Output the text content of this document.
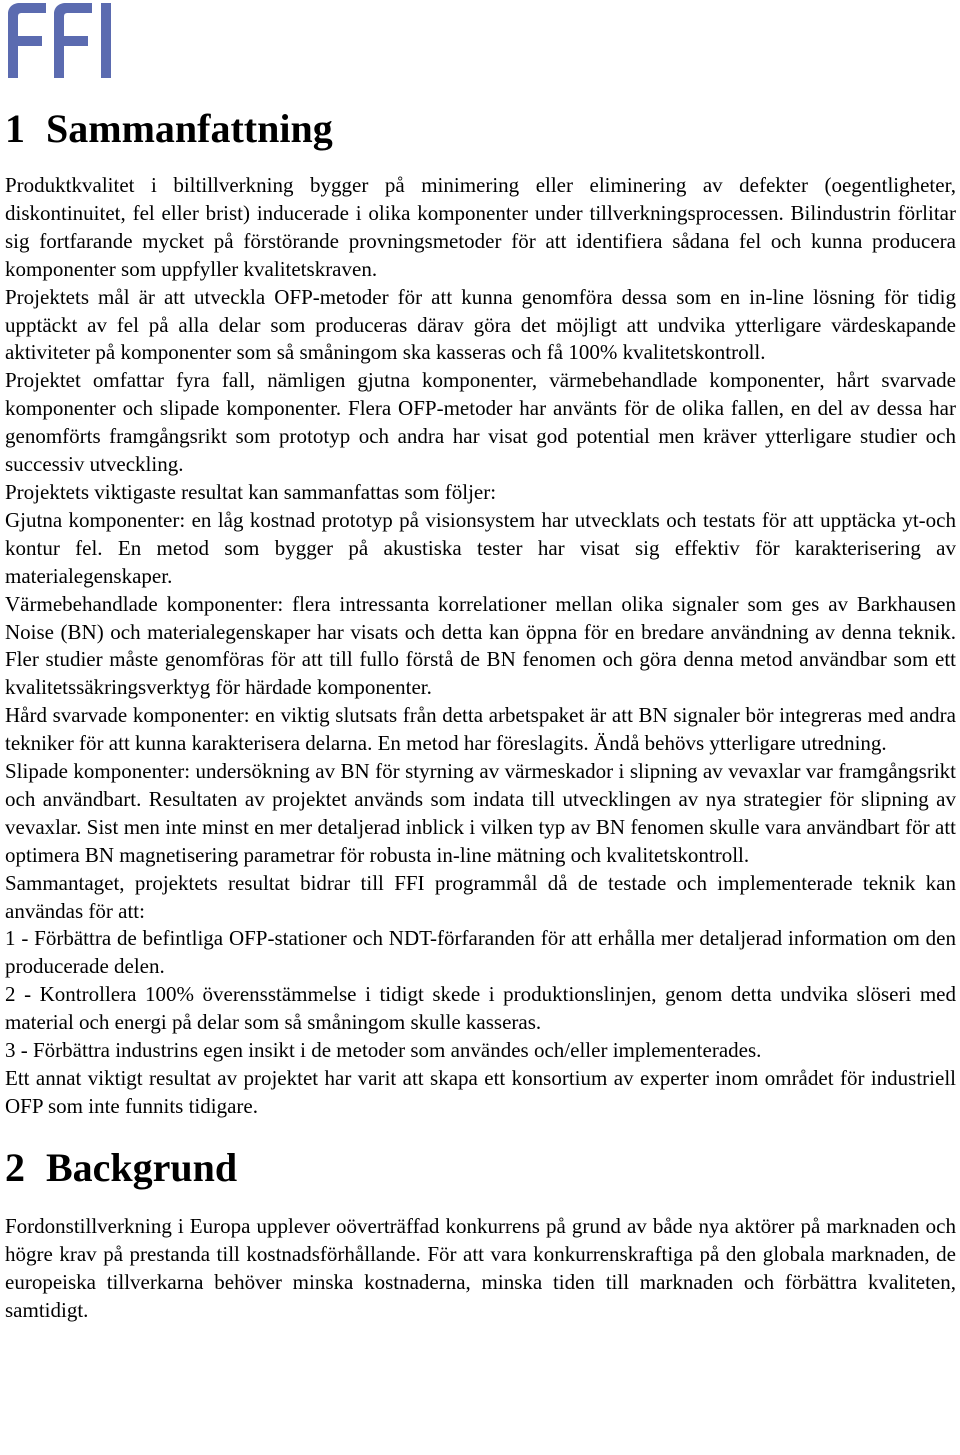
1 Sammanfattning

Produktkvalitet i biltillverkning bygger på minimering eller eliminering av defekter (oegentligheter, diskontinuitet, fel eller brist) inducerade i olika komponenter under tillverkningsprocessen. Bilindustrin förlitar sig fortfarande mycket på förstörande provningsmetoder för att identifiera sådana fel och kunna producera komponenter som uppfyller kvalitetskraven.

Projektets mål är att utveckla OFP-metoder för att kunna genomföra dessa som en in-line lösning för tidig upptäckt av fel på alla delar som produceras därav göra det möjligt att undvika ytterligare värdeskapande aktiviteter på komponenter som så småningom ska kasseras och få 100% kvalitetskontroll.

Projektet omfattar fyra fall, nämligen gjutna komponenter, värmebehandlade komponenter, hårt svarvade komponenter och slipade komponenter. Flera OFP-metoder har använts för de olika fallen, en del av dessa har genomförts framgångsrikt som prototyp och andra har visat god potential men kräver ytterligare studier och successiv utveckling.

Projektets viktigaste resultat kan sammanfattas som följer:

Gjutna komponenter: en låg kostnad prototyp på visionsystem har utvecklats och testats för att upptäcka yt-och kontur fel. En metod som bygger på akustiska tester har visat sig effektiv för karakterisering av materialegenskaper.

Värmebehandlade komponenter: flera intressanta korrelationer mellan olika signaler som ges av Barkhausen Noise (BN) och materialegenskaper har visats och detta kan öppna för en bredare användning av denna teknik. Fler studier måste genomföras för att till fullo förstå de BN fenomen och göra denna metod användbar som ett kvalitetssäkringsverktyg för härdade komponenter.

Hård svarvade komponenter: en viktig slutsats från detta arbetspaket är att BN signaler bör integreras med andra tekniker för att kunna karakterisera delarna. En metod har föreslagits. Ändå behövs ytterligare utredning.

Slipade komponenter: undersökning av BN för styrning av värmeskador i slipning av vevaxlar var framgångsrikt och användbart. Resultaten av projektet används som indata till utvecklingen av nya strategier för slipning av vevaxlar. Sist men inte minst en mer detaljerad inblick i vilken typ av BN fenomen skulle vara användbart för att optimera BN magnetisering parametrar för robusta in-line mätning och kvalitetskontroll.

Sammantaget, projektets resultat bidrar till FFI programmål då de testade och implementerade teknik kan användas för att:

1 - Förbättra de befintliga OFP-stationer och NDT-förfaranden för att erhålla mer detaljerad information om den producerade delen.

2 - Kontrollera 100% överensstämmelse i tidigt skede i produktionslinjen, genom detta undvika slöseri med material och energi på delar som så småningom skulle kasseras.

3 - Förbättra industrins egen insikt i de metoder som användes och/eller implementerades.

Ett annat viktigt resultat av projektet har varit att skapa ett konsortium av experter inom området för industriell OFP som inte funnits tidigare.

2 Backgrund

Fordonstillverkning i Europa upplever oöverträffad konkurrens på grund av både nya aktörer på marknaden och högre krav på prestanda till kostnadsförhållande. För att vara konkurrenskraftiga på den globala marknaden, de europeiska tillverkarna behöver minska kostnaderna, minska tiden till marknaden och förbättra kvaliteten, samtidigt.
